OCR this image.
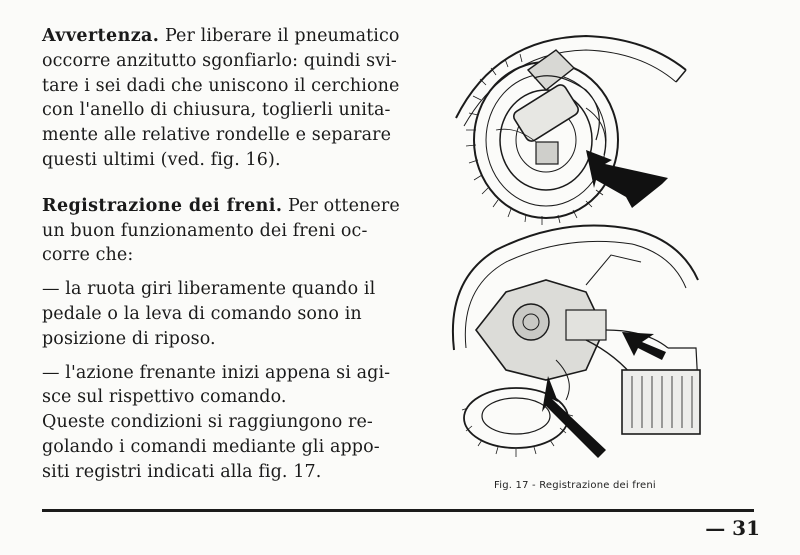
Avvertenza. Per liberare il pneumatico
occorre anzitutto sgonfiarlo: quindi svi-
tare i sei dadi che uniscono il cerchione
con l'anello di chiusura, toglierli unita-
mente alle relative rondelle e separare
questi ultimi (ved. fig. 16).

Registrazione dei freni. Per ottenere
un buon funzionamento dei freni oc-
corre che:

— la ruota giri liberamente quando il
pedale o la leva di comando sono in
posizione di riposo.

— l'azione frenante inizi appena si agi-
sce sul rispettivo comando.

Queste condizioni si raggiungono re-
golando i comandi mediante gli appo-
siti registri indicati alla fig. 17.

Fig. 17 - Registrazione dei freni
— 31
